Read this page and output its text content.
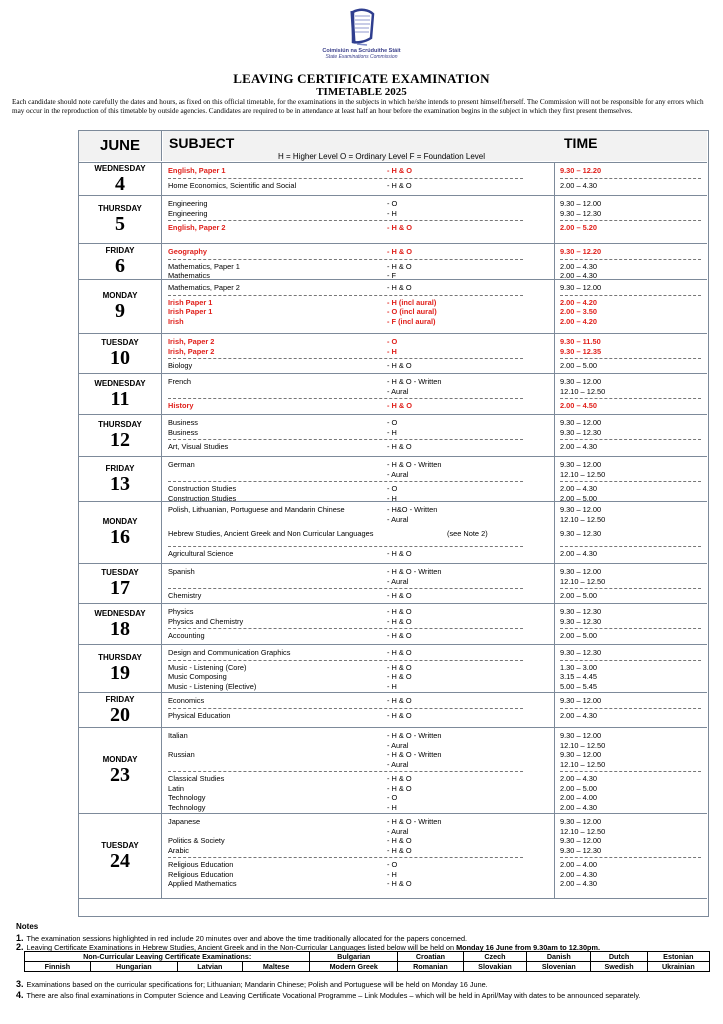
Coimisiún na Scrúduithe Stáit
State Examinations Commission
LEAVING CERTIFICATE EXAMINATION
TIMETABLE 2025
Each candidate should note carefully the dates and hours, as fixed on this official timetable, for the examinations in the subjects in which he/she intends to present himself/herself. The Commission will not be responsible for any errors which may occur in the reproduction of this timetable by outside agencies. Candidates are required to be in attendance at least half an hour before the examination begins in the subject in which they first present themselves.
JUNE	SUBJECT
H = Higher Level O = Ordinary Level F = Foundation Level
TIME
WEDNESDAY
4
English, Paper 1	- H & O	9.30 – 12.20
Home Economics, Scientific and Social	- H & O	2.00 – 4.30
THURSDAY
5
Engineering	- O	9.30 – 12.00
Engineering	- H	9.30 – 12.30
English, Paper 2	- H & O	2.00 – 5.20
FRIDAY
6
Geography	- H & O	9.30 – 12.20
Mathematics, Paper 1	- H & O	2.00 – 4.30
Mathematics	- F	2.00 – 4.30
MONDAY
9
Mathematics, Paper 2	- H & O	9.30 – 12.00
Irish Paper 1	- H (incl aural)	2.00 – 4.20
Irish Paper 1	- O (incl aural)	2.00 – 3.50
Irish	- F (incl aural)	2.00 – 4.20
TUESDAY
10
Irish, Paper 2	- O	9.30 – 11.50
Irish, Paper 2	- H	9.30 – 12.35
Biology	- H & O	2.00 – 5.00
WEDNESDAY
11
French	- H & O - Written	9.30 – 12.00
- Aural	12.10 – 12.50
History	- H & O	2.00 – 4.50
THURSDAY
12
Business	- O	9.30 – 12.00
Business	- H	9.30 – 12.30
Art, Visual Studies	- H & O	2.00 – 4.30
FRIDAY
13
German	- H & O - Written	9.30 – 12.00
- Aural	12.10 – 12.50
Construction Studies	- O	2.00 – 4.30
Construction Studies	- H	2.00 – 5.00
MONDAY
16
Polish, Lithuanian, Portuguese and Mandarin Chinese	- H&O - Written	9.30 – 12.00
- Aural	12.10 – 12.50
Hebrew Studies, Ancient Greek and Non Curricular Languages	(see Note 2)	9.30 – 12.30
Agricultural Science	- H & O	2.00 – 4.30
TUESDAY
17
Spanish	- H & O - Written	9.30 – 12.00
- Aural	12.10 – 12.50
Chemistry	- H & O	2.00 – 5.00
WEDNESDAY
18
Physics	- H & O	9.30 – 12.30
Physics and Chemistry	- H & O	9.30 – 12.30
Accounting	- H & O	2.00 – 5.00
THURSDAY
19
Design and Communication Graphics	- H & O	9.30 – 12.30
Music - Listening (Core)	- H & O	1.30 – 3.00
Music Composing	- H & O	3.15 – 4.45
Music - Listening (Elective)	- H	5.00 – 5.45
FRIDAY
20
Economics	- H & O	9.30 – 12.00
Physical Education	- H & O	2.00 – 4.30
MONDAY
23
Italian	- H & O - Written	9.30 – 12.00
- Aural	12.10 – 12.50
Russian	- H & O - Written	9.30 – 12.00
- Aural	12.10 – 12.50
Classical Studies	- H & O	2.00 – 4.30
Latin	- H & O	2.00 – 5.00
Technology	- O	2.00 – 4.00
Technology	- H	2.00 – 4.30
TUESDAY
24
Japanese	- H & O - Written	9.30 – 12.00
- Aural	12.10 – 12.50
Politics & Society	- H & O	9.30 – 12.00
Arabic	- H & O	9.30 – 12.30
Religious Education	- O	2.00 – 4.00
Religious Education	- H	2.00 – 4.30
Applied Mathematics	- H & O	2.00 – 4.30
Notes
1. The examination sessions highlighted in red include 20 minutes over and above the time traditionally allocated for the papers concerned.
2. Leaving Certificate Examinations in Hebrew Studies, Ancient Greek and in the Non-Curricular Languages listed below will be held on Monday 16 June from 9.30am to 12.30pm.
Non-Curricular Leaving Certificate Examinations:				Bulgarian	Croatian	Czech	Danish	Dutch	Estonian
Finnish	Hungarian	Latvian	Maltese	Modern Greek	Romanian	Slovakian	Slovenian	Swedish	Ukrainian
3. Examinations based on the curricular specifications for; Lithuanian; Mandarin Chinese; Polish and Portuguese will be held on Monday 16 June.
4. There are also final examinations in Computer Science and Leaving Certificate Vocational Programme – Link Modules – which will be held in April/May with dates to be announced separately.
